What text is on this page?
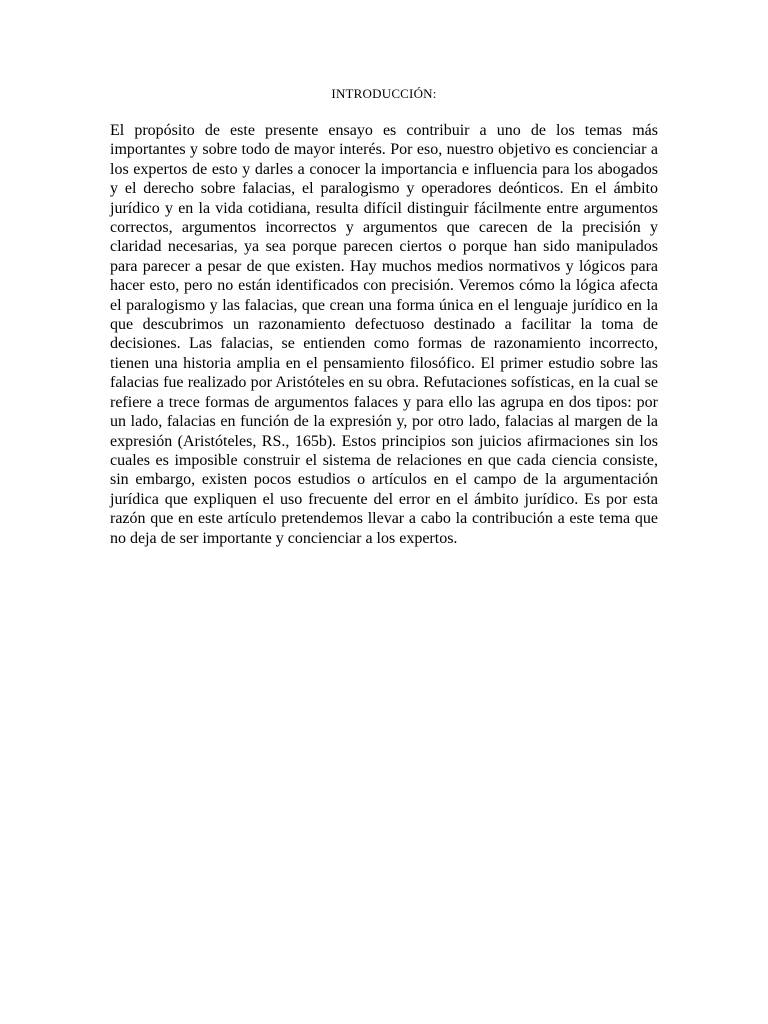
INTRODUCCIÓN:

El propósito de este presente ensayo es contribuir a uno de los temas más importantes y sobre todo de mayor interés. Por eso, nuestro objetivo es concienciar a los expertos de esto y darles a conocer la importancia e influencia para los abogados y el derecho sobre falacias, el paralogismo y operadores deónticos. En el ámbito jurídico y en la vida cotidiana, resulta difícil distinguir fácilmente entre argumentos correctos, argumentos incorrectos y argumentos que carecen de la precisión y claridad necesarias, ya sea porque parecen ciertos o porque han sido manipulados para parecer a pesar de que existen. Hay muchos medios normativos y lógicos para hacer esto, pero no están identificados con precisión. Veremos cómo la lógica afecta el paralogismo y las falacias, que crean una forma única en el lenguaje jurídico en la que descubrimos un razonamiento defectuoso destinado a facilitar la toma de decisiones. Las falacias, se entienden como formas de razonamiento incorrecto, tienen una historia amplia en el pensamiento filosófico. El primer estudio sobre las falacias fue realizado por Aristóteles en su obra. Refutaciones sofísticas, en la cual se refiere a trece formas de argumentos falaces y para ello las agrupa en dos tipos: por un lado, falacias en función de la expresión y, por otro lado, falacias al margen de la expresión (Aristóteles, RS., 165b). Estos principios son juicios afirmaciones sin los cuales es imposible construir el sistema de relaciones en que cada ciencia consiste, sin embargo, existen pocos estudios o artículos en el campo de la argumentación jurídica que expliquen el uso frecuente del error en el ámbito jurídico. Es por esta razón que en este artículo pretendemos llevar a cabo la contribución a este tema que no deja de ser importante y concienciar a los expertos.
